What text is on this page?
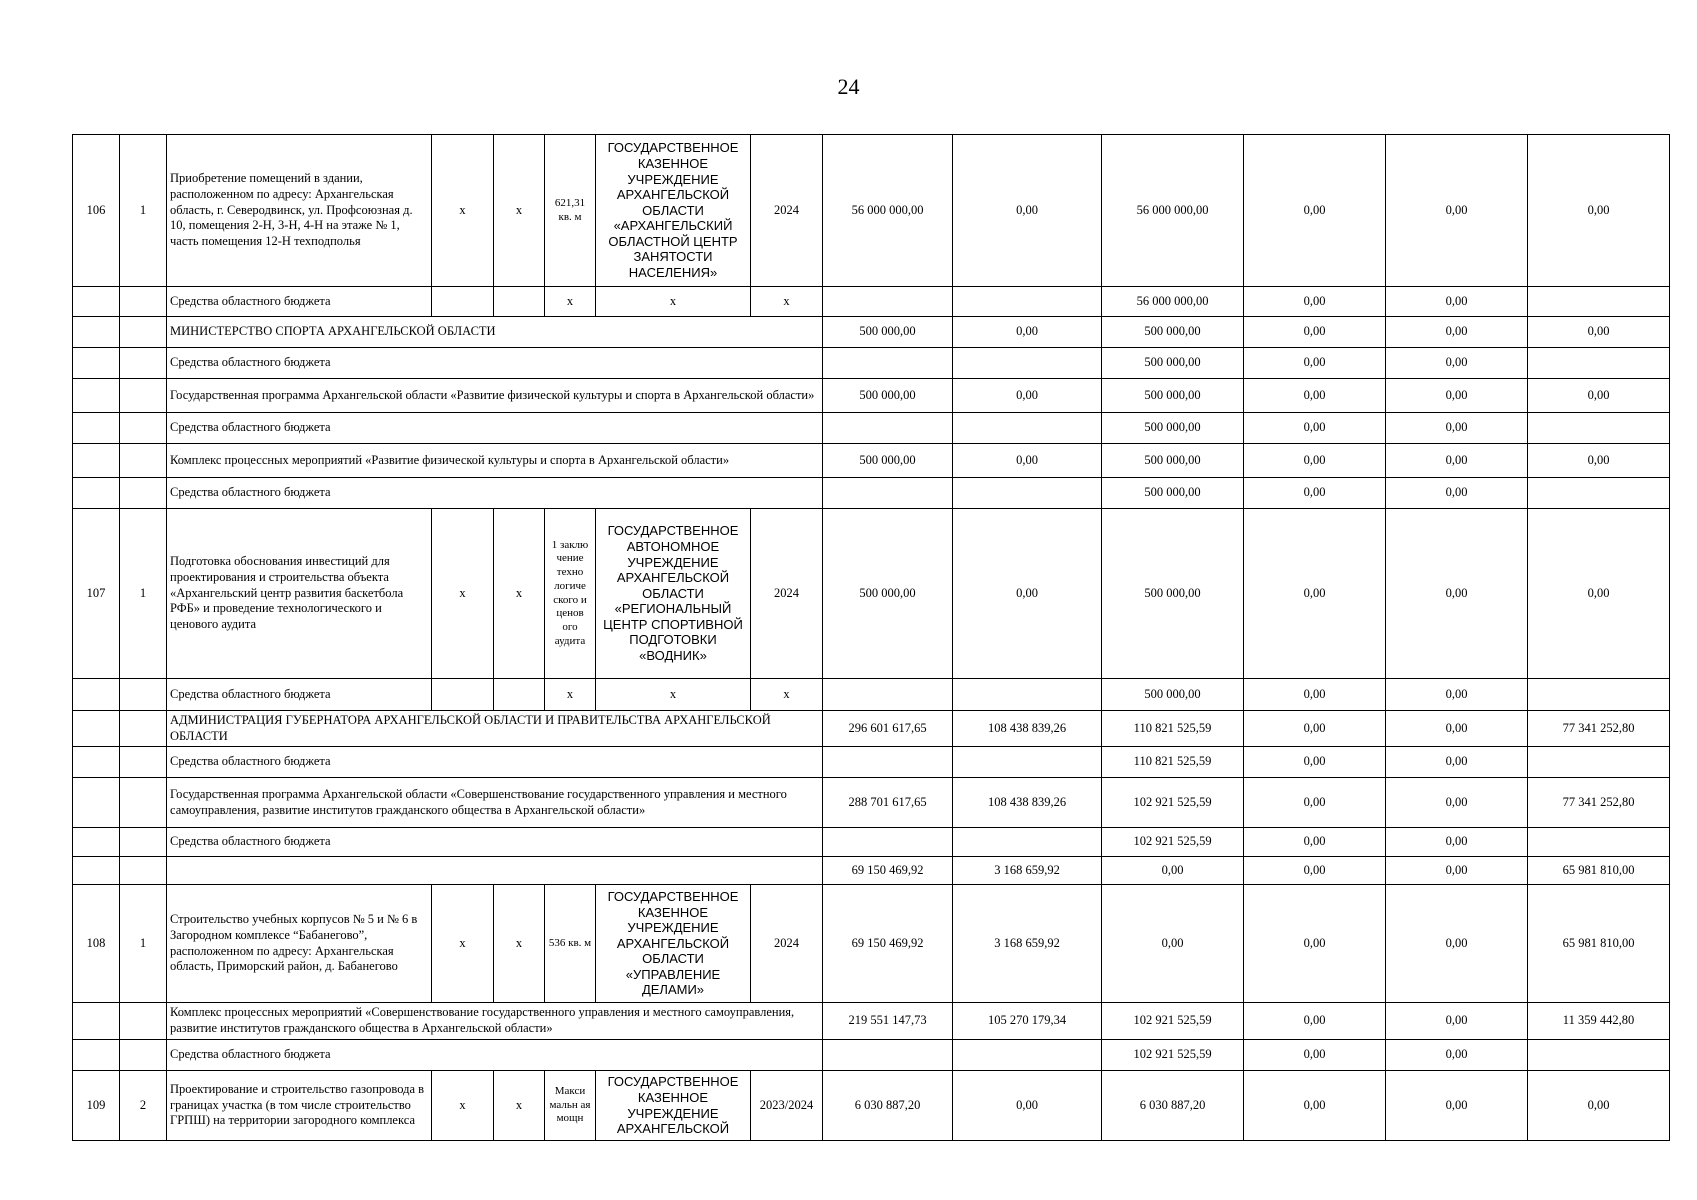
24
106	1	Приобретение помещений в здании, расположенном по адресу: Архангельская область, г. Северодвинск, ул. Профсоюзная д. 10, помещения 2-Н, 3-Н, 4-Н на этаже № 1, часть помещения 12-Н техподполья	х	х	621,31 кв. м	ГОСУДАРСТВЕННОЕ КАЗЕННОЕ УЧРЕЖДЕНИЕ АРХАНГЕЛЬСКОЙ ОБЛАСТИ «АРХАНГЕЛЬСКИЙ ОБЛАСТНОЙ ЦЕНТР ЗАНЯТОСТИ НАСЕЛЕНИЯ»	2024	56 000 000,00	0,00	56 000 000,00	0,00	0,00	0,00
		Средства областного бюджета			х	х	х			56 000 000,00	0,00	0,00	
		МИНИСТЕРСТВО СПОРТА АРХАНГЕЛЬСКОЙ ОБЛАСТИ						500 000,00	0,00	500 000,00	0,00	0,00	0,00
		Средства областного бюджета								500 000,00	0,00	0,00	
		Государственная программа Архангельской области «Развитие физической культуры и спорта в Архангельской области»						500 000,00	0,00	500 000,00	0,00	0,00	0,00
		Средства областного бюджета								500 000,00	0,00	0,00	
		Комплекс процессных мероприятий «Развитие физической культуры и спорта в Архангельской области»						500 000,00	0,00	500 000,00	0,00	0,00	0,00
		Средства областного бюджета								500 000,00	0,00	0,00	
107	1	Подготовка обоснования инвестиций для проектирования и строительства объекта «Архангельский центр развития баскетбола РФБ» и проведение технологического и ценового аудита	х	х	1 заклю чение техно логиче ского и ценов ого аудита	ГОСУДАРСТВЕННОЕ АВТОНОМНОЕ УЧРЕЖДЕНИЕ АРХАНГЕЛЬСКОЙ ОБЛАСТИ «РЕГИОНАЛЬНЫЙ ЦЕНТР СПОРТИВНОЙ ПОДГОТОВКИ «ВОДНИК»	2024	500 000,00	0,00	500 000,00	0,00	0,00	0,00
		Средства областного бюджета			х	х	х			500 000,00	0,00	0,00	
		АДМИНИСТРАЦИЯ ГУБЕРНАТОРА АРХАНГЕЛЬСКОЙ ОБЛАСТИ И ПРАВИТЕЛЬСТВА АРХАНГЕЛЬСКОЙ ОБЛАСТИ						296 601 617,65	108 438 839,26	110 821 525,59	0,00	0,00	77 341 252,80
		Средства областного бюджета								110 821 525,59	0,00	0,00	
		Государственная программа Архангельской области «Совершенствование государственного управления и местного самоуправления, развитие институтов гражданского общества в Архангельской области»						288 701 617,65	108 438 839,26	102 921 525,59	0,00	0,00	77 341 252,80
		Средства областного бюджета								102 921 525,59	0,00	0,00	
								69 150 469,92	3 168 659,92	0,00	0,00	0,00	65 981 810,00
108	1	Строительство учебных корпусов № 5 и № 6 в Загородном комплексе “Бабанегово”, расположенном по адресу: Архангельская область, Приморский район, д. Бабанегово	х	х	536 кв. м	ГОСУДАРСТВЕННОЕ КАЗЕННОЕ УЧРЕЖДЕНИЕ АРХАНГЕЛЬСКОЙ ОБЛАСТИ «УПРАВЛЕНИЕ ДЕЛАМИ»	2024	69 150 469,92	3 168 659,92	0,00	0,00	0,00	65 981 810,00
		Комплекс процессных мероприятий «Совершенствование государственного управления и местного самоуправления, развитие институтов гражданского общества в Архангельской области»						219 551 147,73	105 270 179,34	102 921 525,59	0,00	0,00	11 359 442,80
		Средства областного бюджета								102 921 525,59	0,00	0,00	
109	2	Проектирование и строительство газопровода в границах участка (в том числе строительство ГРПШ) на территории загородного комплекса	х	х	Макси мальн ая мощн	ГОСУДАРСТВЕННОЕ КАЗЕННОЕ УЧРЕЖДЕНИЕ АРХАНГЕЛЬСКОЙ	2023/2024	6 030 887,20	0,00	6 030 887,20	0,00	0,00	0,00
